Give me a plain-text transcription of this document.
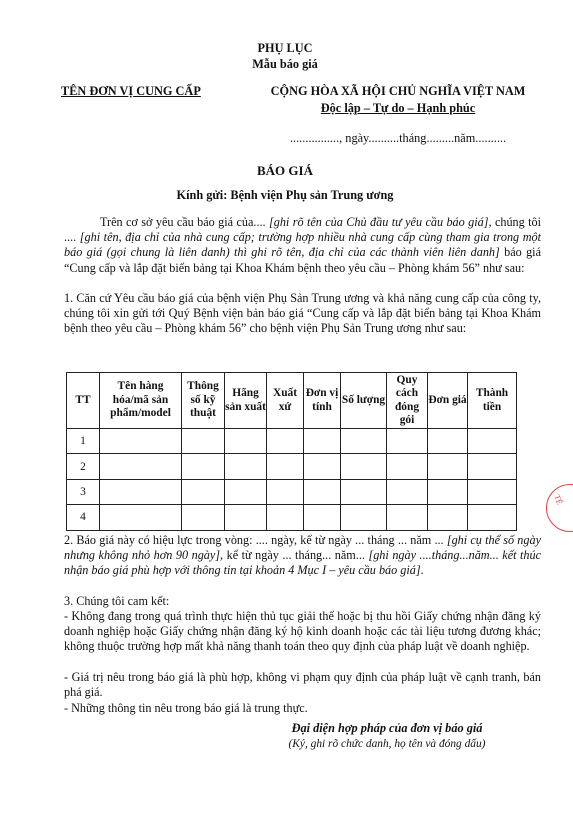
PHỤ LỤC
Mẫu báo giá
TÊN ĐƠN VỊ CUNG CẤP	CỘNG HÒA XÃ HỘI CHỦ NGHĨA VIỆT NAM
Độc lập – Tự do – Hạnh phúc
................, ngày..........tháng.........năm..........
BÁO GIÁ
Kính gửi: Bệnh viện Phụ sản Trung ương
Trên cơ sở yêu cầu báo giá của.... [ghi rõ tên của Chủ đầu tư yêu cầu báo giá], chúng tôi .... [ghi tên, địa chỉ của nhà cung cấp; trường hợp nhiều nhà cung cấp cùng tham gia trong một báo giá (gọi chung là liên danh) thì ghi rõ tên, địa chỉ của các thành viên liên danh] báo giá “Cung cấp và lắp đặt biển bảng tại Khoa Khám bệnh theo yêu cầu – Phòng khám 56” như sau:
1. Căn cứ Yêu cầu báo giá của bệnh viện Phụ Sản Trung ương và khả năng cung cấp của công ty, chúng tôi xin gửi tới Quý Bệnh viện bản báo giá “Cung cấp và lắp đặt biển bảng tại Khoa Khám bệnh theo yêu cầu – Phòng khám 56” cho bệnh viện Phụ Sản Trung ương như sau:
TT	Tên hàng hóa/mã sản phẩm/model	Thông số kỹ thuật	Hãng sản xuất	Xuất xứ	Đơn vị tính	Số lượng	Quy cách đóng gói	Đơn giá	Thành tiền
1									
2									
3									
4									
2. Báo giá này có hiệu lực trong vòng: .... ngày, kể từ ngày ... tháng ... năm ... [ghi cụ thể số ngày nhưng không nhỏ hơn 90 ngày], kể từ ngày ... tháng... năm... [ghi ngày ....tháng...năm... kết thúc nhận báo giá phù hợp với thông tin tại khoản 4 Mục I – yêu cầu báo giá].
3. Chúng tôi cam kết:
- Không đang trong quá trình thực hiện thủ tục giải thể hoặc bị thu hồi Giấy chứng nhận đăng ký doanh nghiệp hoặc Giấy chứng nhận đăng ký hộ kinh doanh hoặc các tài liệu tương đương khác; không thuộc trường hợp mất khả năng thanh toán theo quy định của pháp luật về doanh nghiệp.
- Giá trị nêu trong báo giá là phù hợp, không vi phạm quy định của pháp luật về cạnh tranh, bán phá giá.
- Những thông tin nêu trong báo giá là trung thực.
Đại diện hợp pháp của đơn vị báo giá
(Ký, ghi rõ chức danh, họ tên và đóng dấu)
TẾ
